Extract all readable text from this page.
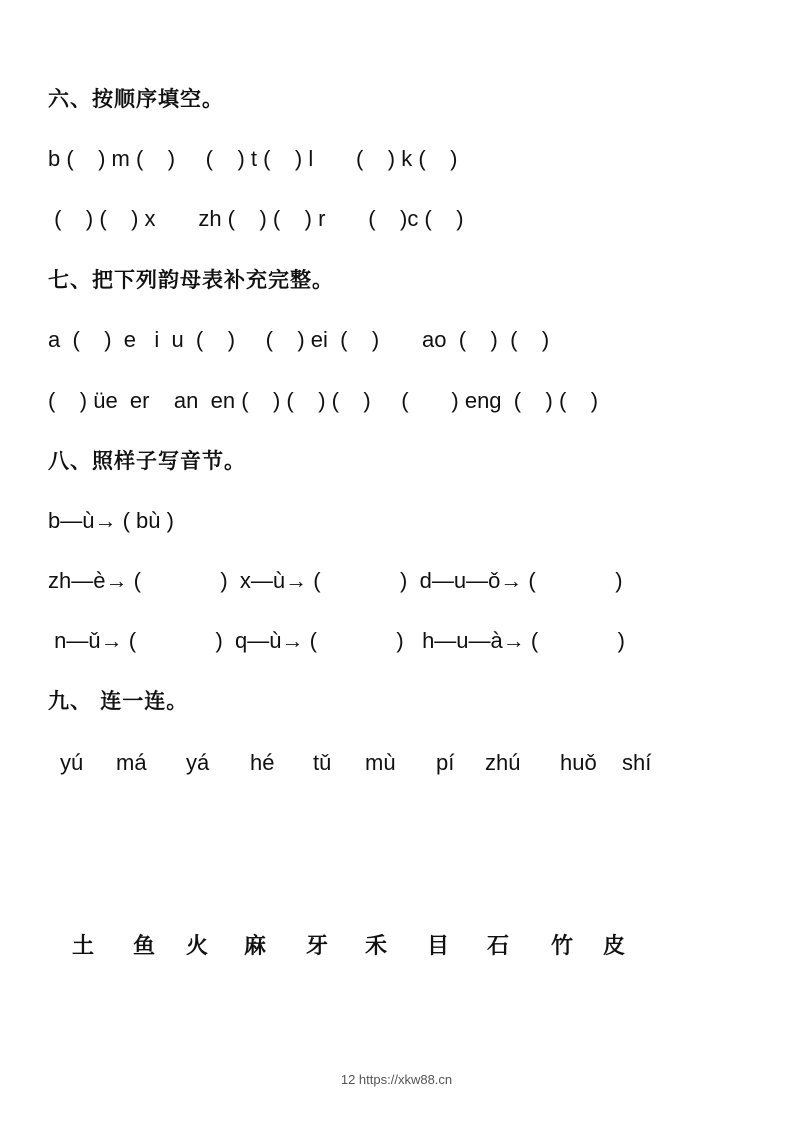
六、按顺序填空。
b (    ) m (    )     (    ) t (    ) l       (    ) k (    )
(    ) (    ) x       zh (    ) (    ) r       (    )c (    )
七、把下列韵母表补充完整。
a  (    )  e   i  u  (    )     (    ) ei  (    )       ao  (    )  (    )
(    ) üe  er    an  en (    ) (    ) (    )     (       ) eng  (    ) (    )
八、照样子写音节。
b—ù→ ( bù )
zh—è→ (             )  x—ù→ (             )  d—u—ǒ→ (             )
n—ǔ→ (             )  q—ù→ (             )   h—u—à→ (             )
九、 连一连。
yú má yá hé tǔ mù pí zhú huǒ shí
土 鱼 火 麻 牙 禾 目 石 竹 皮
12 https://xkw88.cn
